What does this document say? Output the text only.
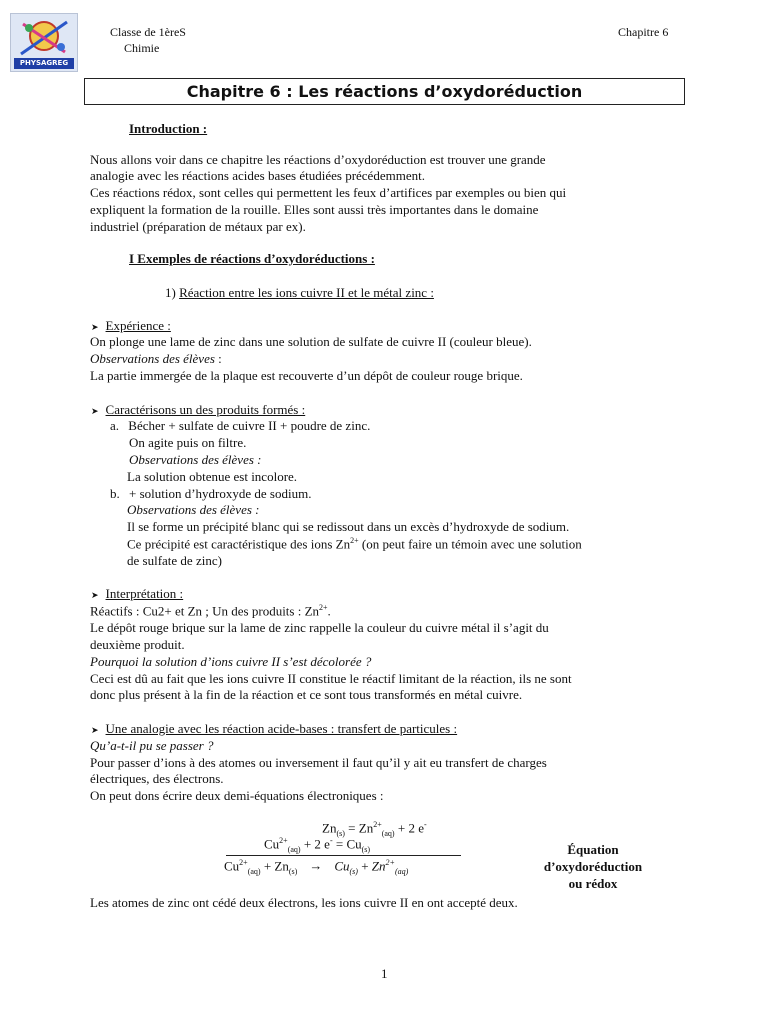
PHYSAGREG
Classe de 1èreS
Chimie
Chapitre 6
Chapitre 6 : Les réactions d’oxydoréduction
Introduction :
Nous allons voir dans ce chapitre les réactions d’oxydoréduction est trouver une grande
analogie avec les réactions acides bases étudiées précédemment.
Ces réactions rédox, sont celles qui permettent les feux d’artifices par exemples ou bien qui
expliquent la formation de la rouille. Elles sont aussi très importantes dans le domaine
industriel (préparation de métaux par ex).
I Exemples de réactions d’oxydoréductions :
1) Réaction entre les ions cuivre II et le métal zinc :
➤ Expérience :
On plonge une lame de zinc dans une solution de sulfate de cuivre II (couleur bleue).
Observations des élèves :
La partie immergée de la plaque est recouverte d’un dépôt de couleur rouge brique.
➤ Caractérisons un des produits formés :
a. Bécher + sulfate de cuivre II + poudre de zinc.
On agite puis on filtre.
Observations des élèves :
La solution obtenue est incolore.
b. + solution d’hydroxyde de sodium.
Observations des élèves :
Il se forme un précipité blanc qui se redissout dans un excès d’hydroxyde de sodium.
Ce précipité est caractéristique des ions $Zn^{2+}$ (on peut faire un témoin avec une solution
de sulfate de zinc)
➤ Interprétation :
Réactifs : Cu2+ et Zn ; Un des produits : $Zn^{2+}$.
Le dépôt rouge brique sur la lame de zinc rappelle la couleur du cuivre métal il s’agit du
deuxième produit.
Pourquoi la solution d’ions cuivre II s’est décolorée ?
Ceci est dû au fait que les ions cuivre II constitue le réactif limitant de la réaction, ils ne sont
donc plus présent à la fin de la réaction et ce sont tous transformés en métal cuivre.
➤ Une analogie avec les réaction acide-bases : transfert de particules :
Qu’a-t-il pu se passer ?
Pour passer d’ions à des atomes ou inversement il faut qu’il y ait eu transfert de charges
électriques, des électrons.
On peut dons écrire deux demi-équations électroniques :
$Zn_{(s)} = Zn^{2+}_{(aq)} + 2$ e-
$Cu^{2+}_{(aq)} + 2$ $e^- = Cu_{(s)}$
$Cu^{2+}_{(aq)} + Zn_{(s)} \to Cu_{(s)} + Zn^{2+}_{(aq)}$
Équation
d’oxydoréduction
ou rédox
Les atomes de zinc ont cédé deux électrons, les ions cuivre II en ont accepté deux.
1
